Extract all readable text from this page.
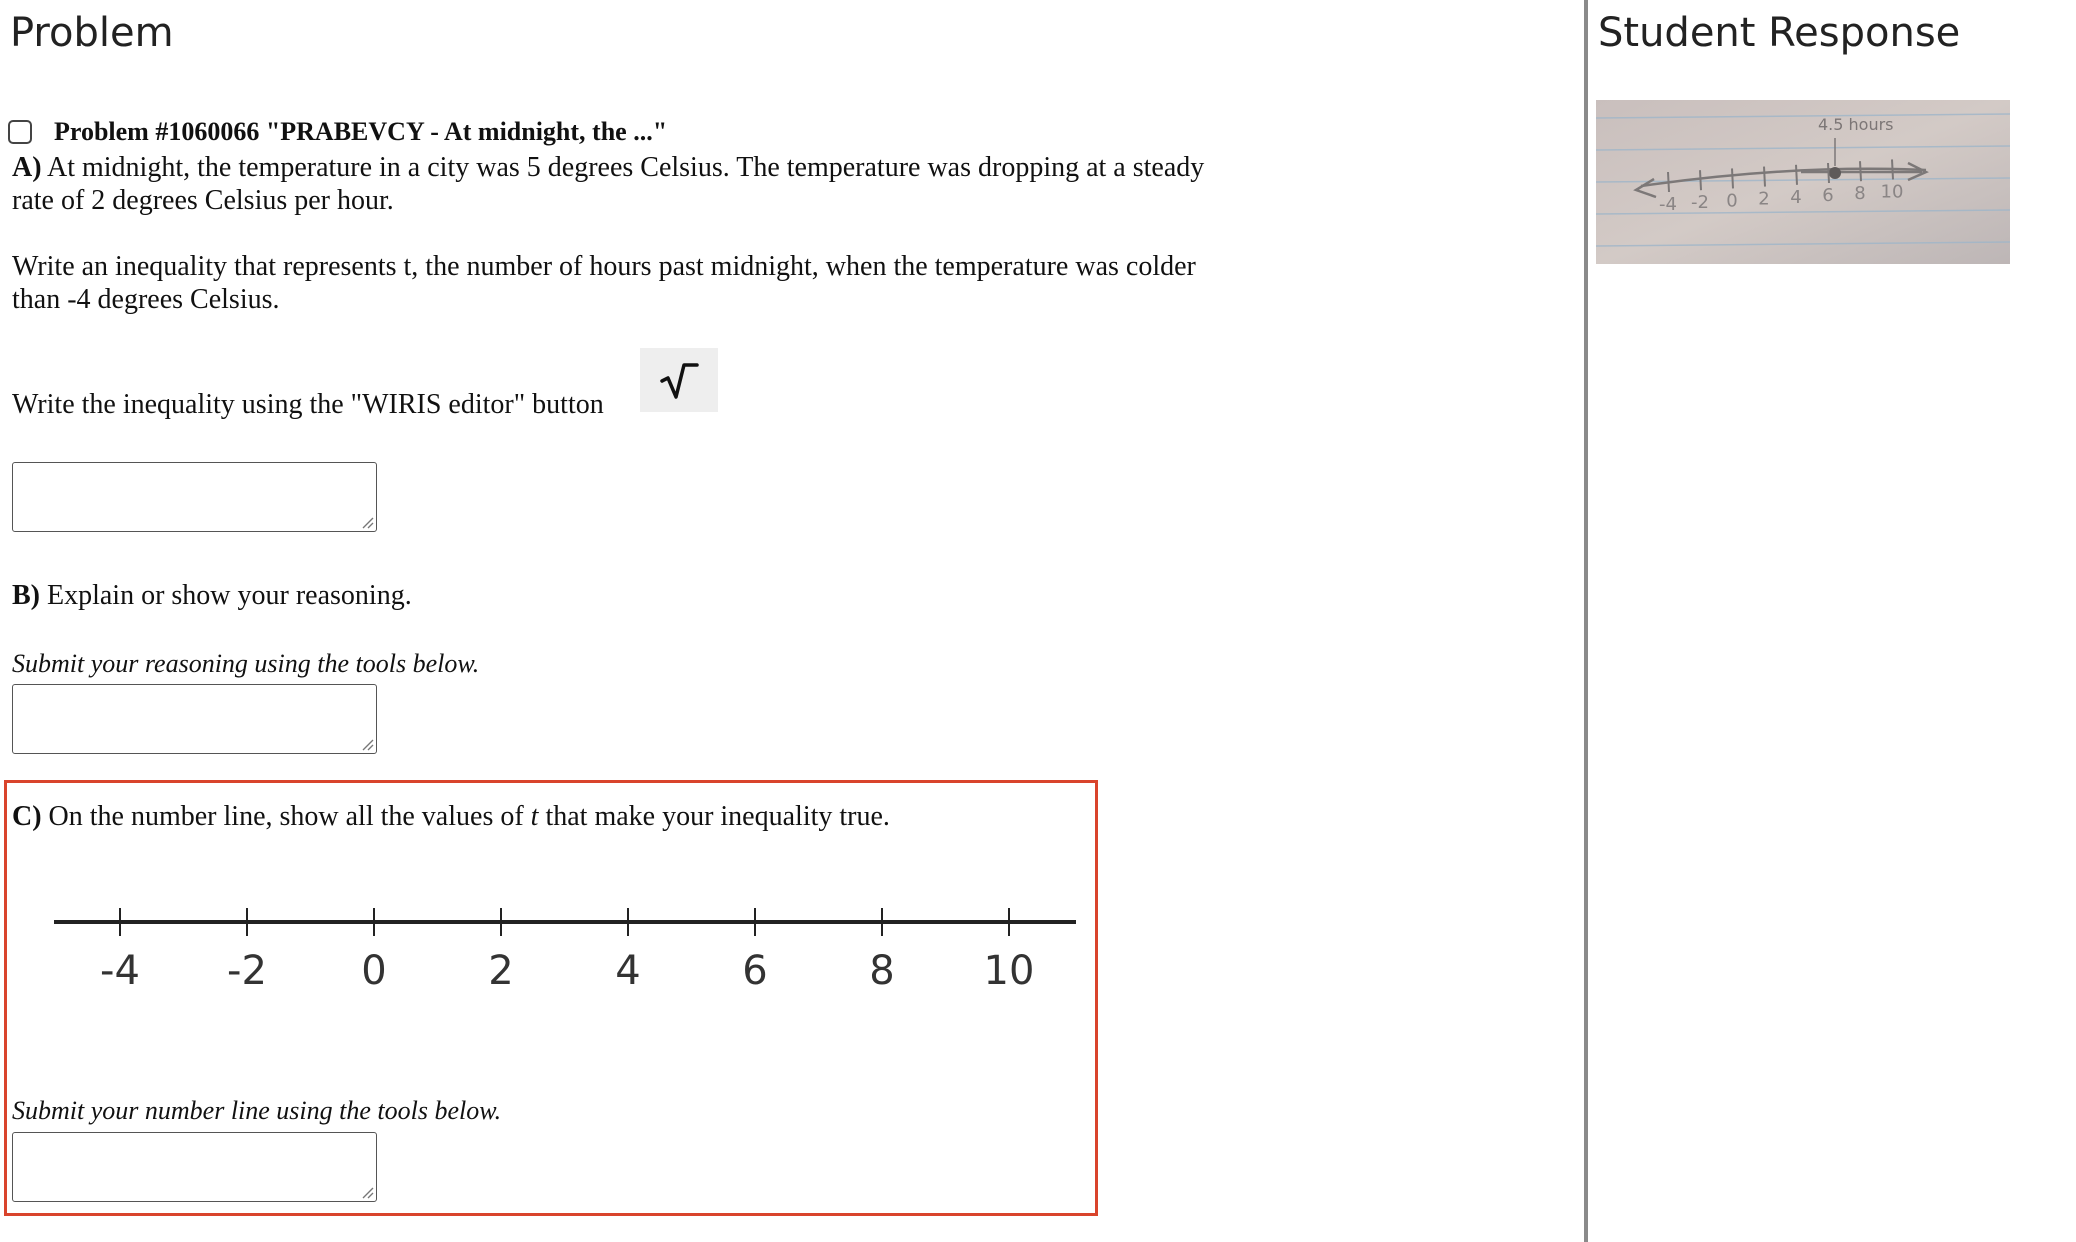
Problem
Problem #1060066 "PRABEVCY - At midnight, the ..."
A) At midnight, the temperature in a city was 5 degrees Celsius. The temperature was dropping at a steady
rate of 2 degrees Celsius per hour.
Write an inequality that represents t, the number of hours past midnight, when the temperature was colder
than -4 degrees Celsius.
Write the inequality using the "WIRIS editor" button
B) Explain or show your reasoning.
Submit your reasoning using the tools below.
C) On the number line, show all the values of t that make your inequality true.
-4 -2 0	2	4	6	8 10
Submit your number line using the tools below.
Student Response
4.5 hours
-4 -2 0 2 4 6 8 10
